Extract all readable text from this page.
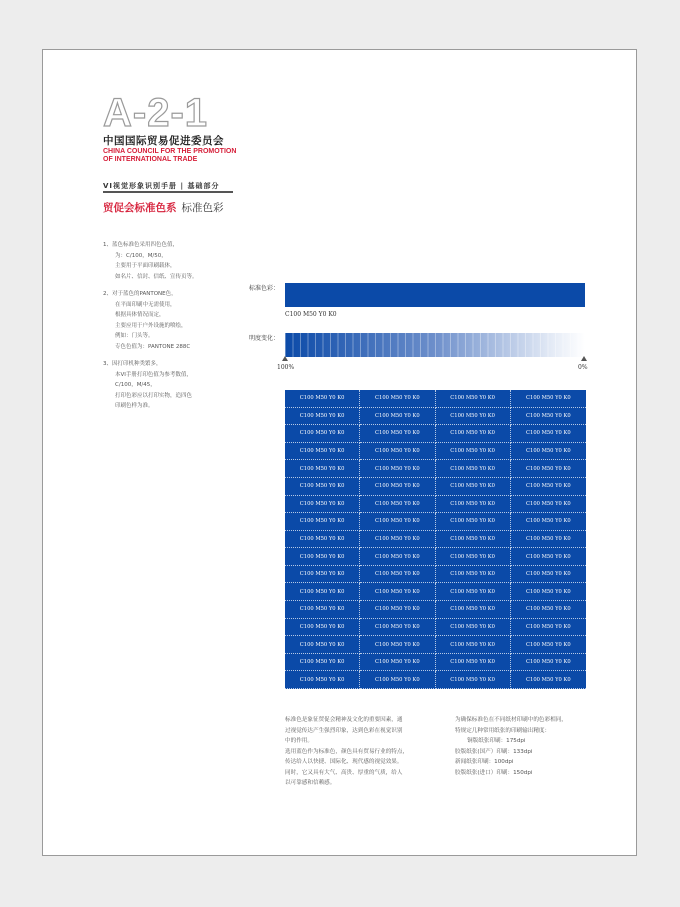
A-2-1
中国国际贸易促进委员会
CHINA COUNCIL FOR THE PROMOTION
OF INTERNATIONAL TRADE
VI视觉形象识别手册 | 基础部分
贸促会标准色系 标准色彩

1、蓝色标准色采用四色色值，
为：C/100，M/50，
主要用于平面印刷载体，
如名片、信封、信纸、宣传页等。

2、对于蓝色的PANTONE色，
在平面印刷中无需使用，
根据具体情况而定，
主要应用于户外设施的喷绘，
例如：门头等。
专色色值为：PANTONE 288C

3、因打印机种类繁多，
本VI手册打印色值为参考数值，
C/100，M/45，
打印色彩应以打印实物，追四色
印刷色样为准。

标准色彩：
C100 M50 Y0 K0
明度变化：
100%	0%
C100 M50 Y0 K0	C100 M50 Y0 K0	C100 M50 Y0 K0	C100 M50 Y0 K0
C100 M50 Y0 K0	C100 M50 Y0 K0	C100 M50 Y0 K0	C100 M50 Y0 K0
C100 M50 Y0 K0	C100 M50 Y0 K0	C100 M50 Y0 K0	C100 M50 Y0 K0
C100 M50 Y0 K0	C100 M50 Y0 K0	C100 M50 Y0 K0	C100 M50 Y0 K0
C100 M50 Y0 K0	C100 M50 Y0 K0	C100 M50 Y0 K0	C100 M50 Y0 K0
C100 M50 Y0 K0	C100 M50 Y0 K0	C100 M50 Y0 K0	C100 M50 Y0 K0
C100 M50 Y0 K0	C100 M50 Y0 K0	C100 M50 Y0 K0	C100 M50 Y0 K0
C100 M50 Y0 K0	C100 M50 Y0 K0	C100 M50 Y0 K0	C100 M50 Y0 K0
C100 M50 Y0 K0	C100 M50 Y0 K0	C100 M50 Y0 K0	C100 M50 Y0 K0
C100 M50 Y0 K0	C100 M50 Y0 K0	C100 M50 Y0 K0	C100 M50 Y0 K0
C100 M50 Y0 K0	C100 M50 Y0 K0	C100 M50 Y0 K0	C100 M50 Y0 K0
C100 M50 Y0 K0	C100 M50 Y0 K0	C100 M50 Y0 K0	C100 M50 Y0 K0
C100 M50 Y0 K0	C100 M50 Y0 K0	C100 M50 Y0 K0	C100 M50 Y0 K0
C100 M50 Y0 K0	C100 M50 Y0 K0	C100 M50 Y0 K0	C100 M50 Y0 K0
C100 M50 Y0 K0	C100 M50 Y0 K0	C100 M50 Y0 K0	C100 M50 Y0 K0
C100 M50 Y0 K0	C100 M50 Y0 K0	C100 M50 Y0 K0	C100 M50 Y0 K0
C100 M50 Y0 K0	C100 M50 Y0 K0	C100 M50 Y0 K0	C100 M50 Y0 K0

标准色是象征贸促会精神及文化的重要因素，通

过视觉传达产生强烈印象，达到色彩在视觉识别

中的作用。

选用蓝色作为标准色，颜色具有贸易行业的特点，

传达给人以快捷、国际化、现代感的视觉效果。

同时，它又具有大气、高贵、厚重的气质，给人

以可靠感和信赖感。

为确保标准色在不同纸材印刷中的色彩相同，

特规定几种常用纸张的印刷输出精度：

铜版纸张印刷：175dpi

胶版纸张(国产）印刷：133dpi

新闻纸张印刷：100dpi

胶版纸张(进口）印刷：150dpi
